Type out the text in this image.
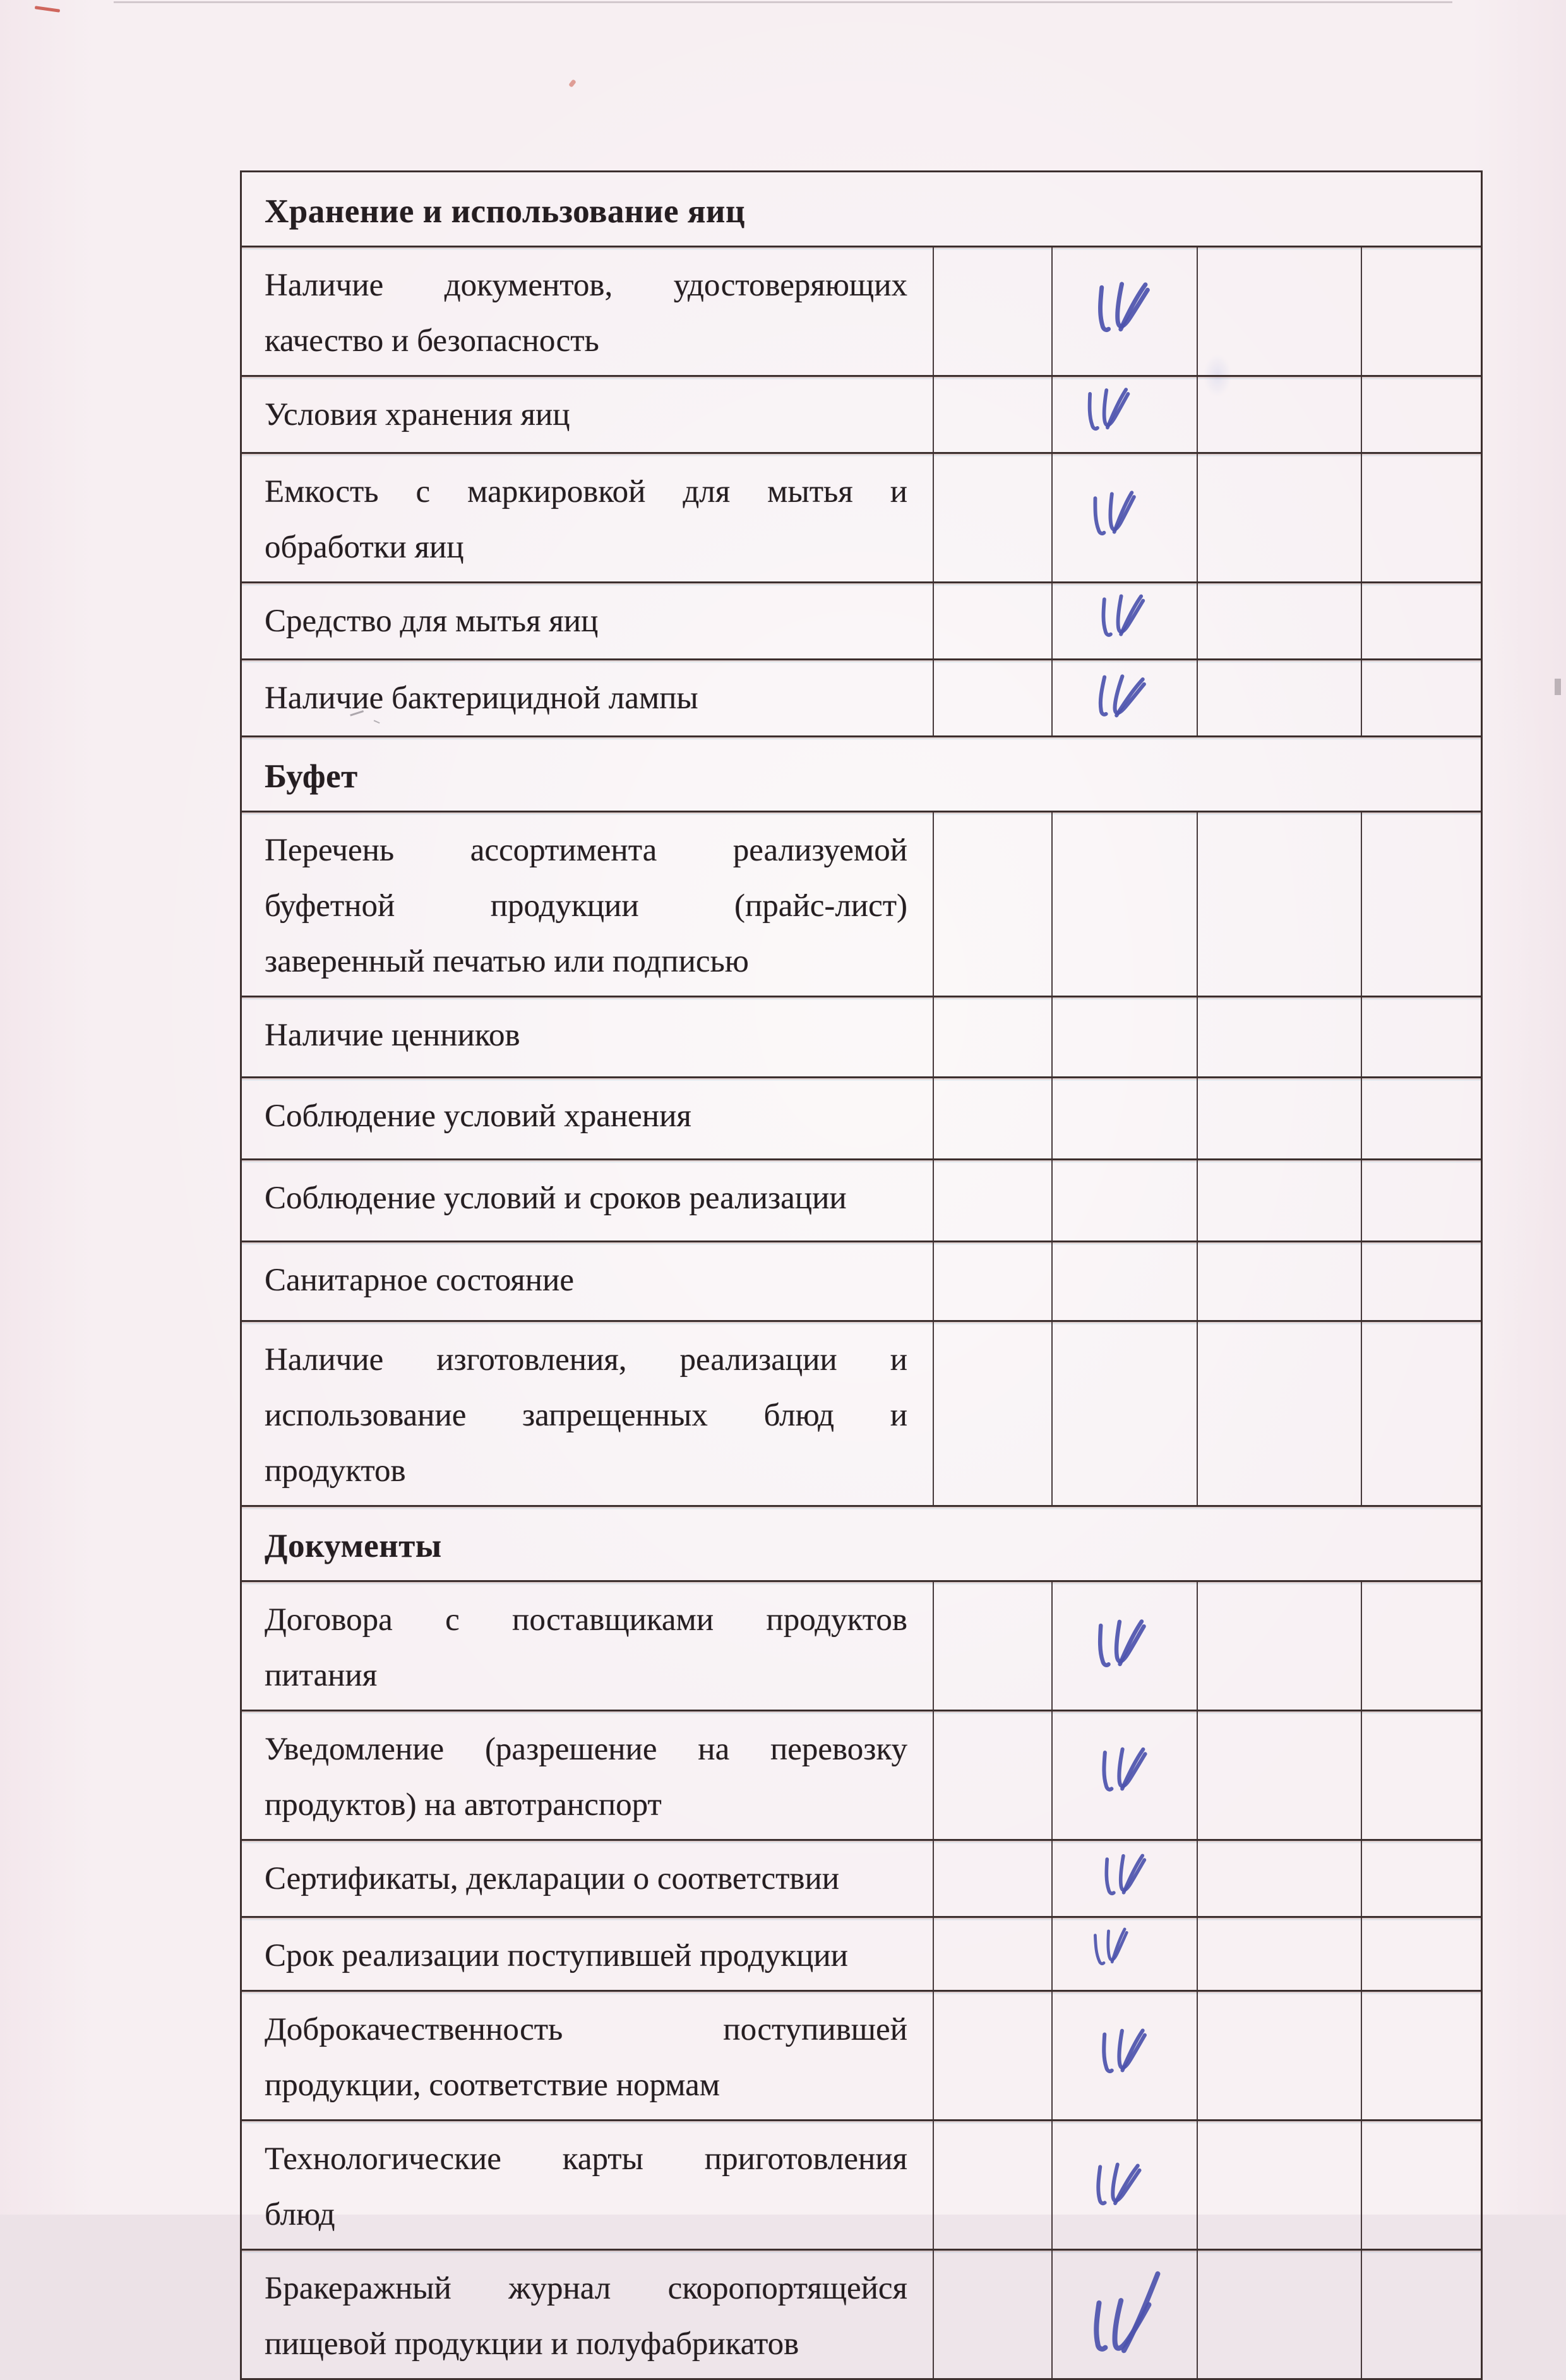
Хранение и использование яиц
Наличие документов, удостоверяющих
качество и безопасность
Условия хранения яиц
Емкость с маркировкой для мытья и
обработки яиц
Средство для мытья яиц
Наличие бактерицидной лампы
Буфет
Перечень ассортимента реализуемой
буфетной продукции (прайс-лист)
заверенный печатью или подписью
Наличие ценников
Соблюдение условий хранения
Соблюдение условий и сроков реализации
Санитарное состояние
Наличие изготовления, реализации и
использование запрещенных блюд и
продуктов
Документы
Договора с поставщиками продуктов
питания
Уведомление (разрешение на перевозку
продуктов) на автотранспорт
Сертификаты, декларации о соответствии
Срок реализации поступившей продукции
Доброкачественность поступившей
продукции, соответствие нормам
Технологические карты приготовления
блюд
Бракеражный журнал скоропортящейся
пищевой продукции и полуфабрикатов
